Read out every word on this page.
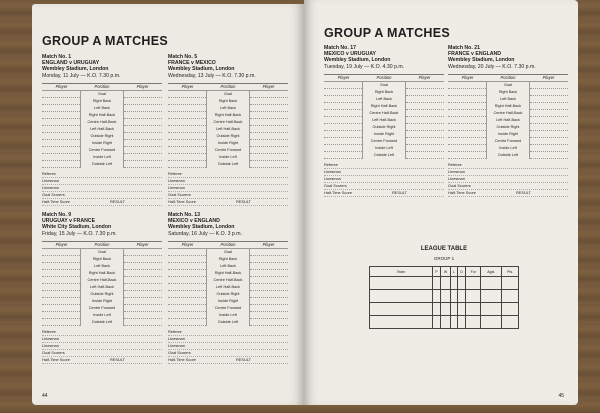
GROUP A MATCHES
Match No. 1
ENGLAND v URUGUAY
Wembley Stadium, London
Monday, 11 July — K.O. 7.30 p.m.
Player	Position	Player
Goal
Right Back
Left Back
Right Half-Back
Centre Half-Back
Left Half-Back
Outside Right
Inside Right
Centre Forward
Inside Left
Outside Left
Referee
Linesman
Linesman
Goal Scorers
Half-Time Score	RESULT
Match No. 5
FRANCE v MEXICO
Wembley Stadium, London
Wednesday, 13 July — K.O. 7.30 p.m.
Player	Position	Player
Goal
Right Back
Left Back
Right Half-Back
Centre Half-Back
Left Half-Back
Outside Right
Inside Right
Centre Forward
Inside Left
Outside Left
Referee
Linesman
Linesman
Goal Scorers
Half-Time Score	RESULT
Match No. 9
URUGUAY v FRANCE
White City Stadium, London
Friday, 15 July — K.O. 7.30 p.m.
Player	Position	Player
Goal
Right Back
Left Back
Right Half-Back
Centre Half-Back
Left Half-Back
Outside Right
Inside Right
Centre Forward
Inside Left
Outside Left
Referee
Linesman
Linesman
Goal Scorers
Half-Time Score	RESULT
Match No. 13
MEXICO v ENGLAND
Wembley Stadium, London
Saturday, 16 July — K.O. 3 p.m.
Player	Position	Player
Goal
Right Back
Left Back
Right Half-Back
Centre Half-Back
Left Half-Back
Outside Right
Inside Right
Centre Forward
Inside Left
Outside Left
Referee
Linesman
Linesman
Goal Scorers
Half-Time Score	RESULT
44
GROUP A MATCHES
Match No. 17
MEXICO v URUGUAY
Wembley Stadium, London
Tuesday, 19 July — K.O. 4.30 p.m.
Player	Position	Player
Goal
Right Back
Left Back
Right Half-Back
Centre Half-Back
Left Half-Back
Outside Right
Inside Right
Centre Forward
Inside Left
Outside Left
Referee
Linesman
Linesman
Goal Scorers
Half-Time Score	RESULT
Match No. 21
FRANCE v ENGLAND
Wembley Stadium, London
Wednesday, 20 July — K.O. 7.30 p.m.
Player	Position	Player
Goal
Right Back
Left Back
Right Half-Back
Centre Half-Back
Left Half-Back
Outside Right
Inside Right
Centre Forward
Inside Left
Outside Left
Referee
Linesman
Linesman
Goal Scorers
Half-Time Score	RESULT
LEAGUE TABLE
GROUP 1
Team	P	W	L	D	For	Agst.	Pts.

45
